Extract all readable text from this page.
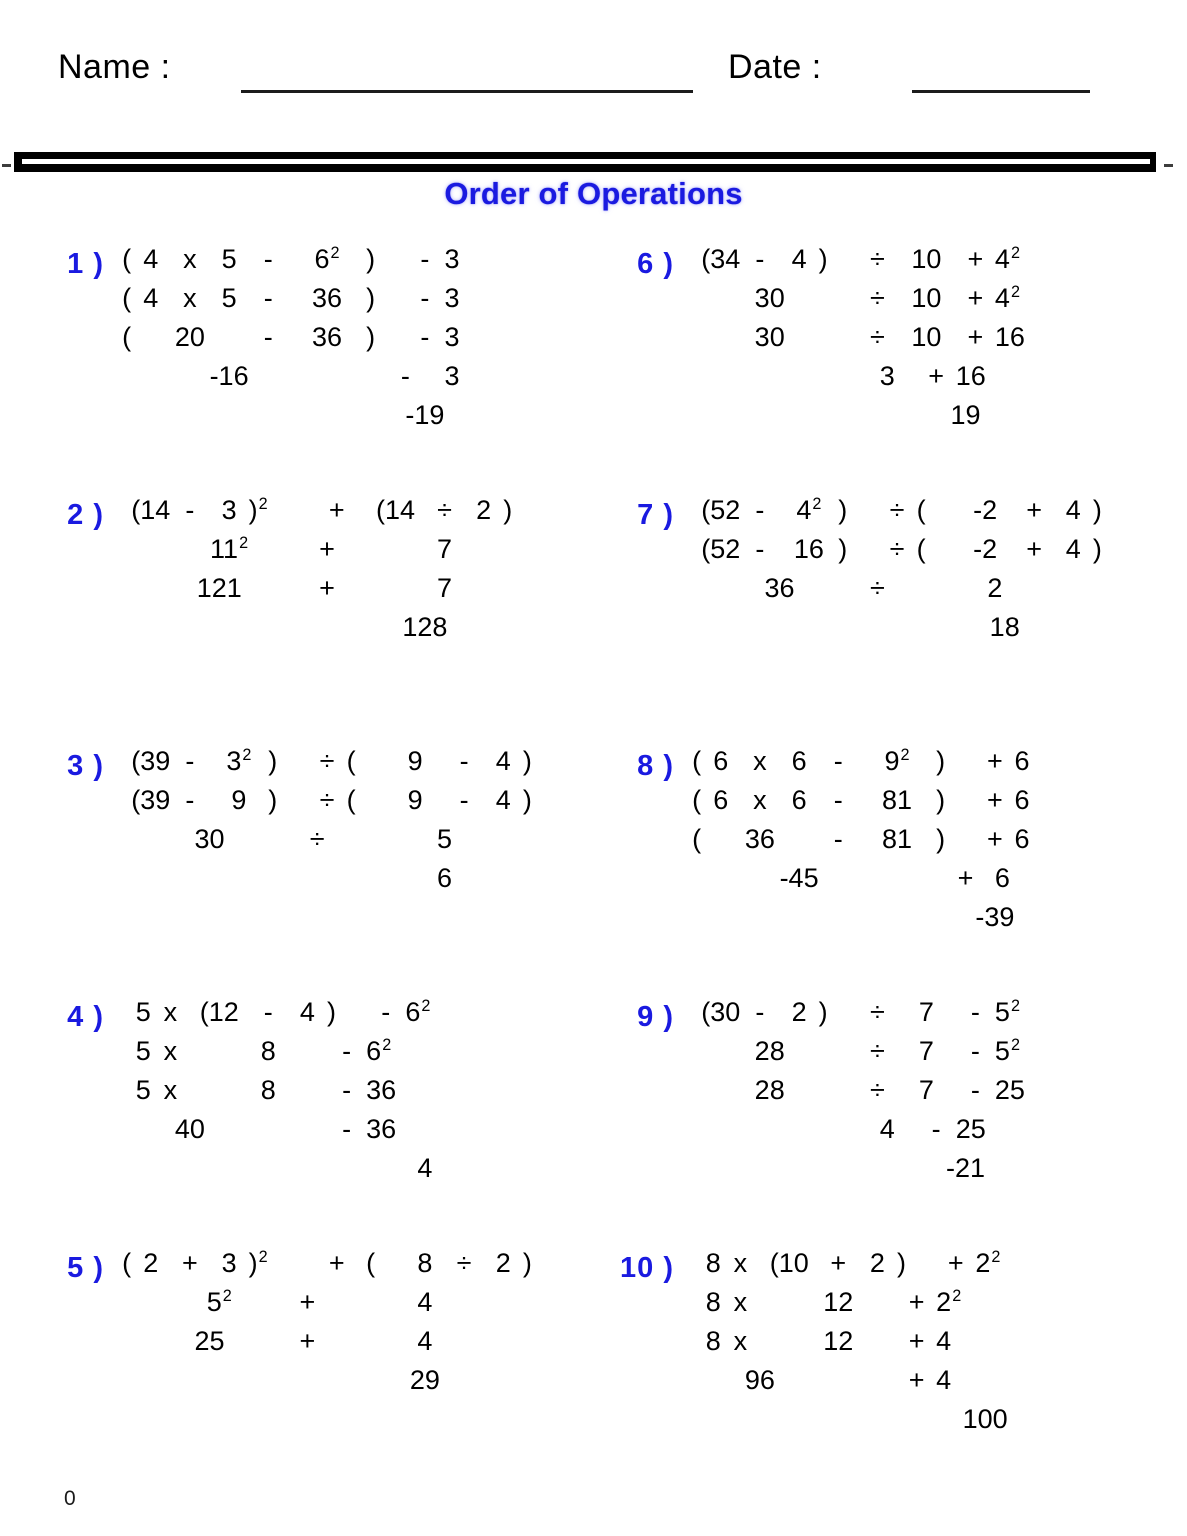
Name :	Date :

Order of Operations
1 ) ( 4 x 5	-	$6^2$ )	- 3
( 4 x 5	-	36 )	- 3
(	20	-	36 )	- 3
-16	-	3
-19
2 )	(14 -	3 )$^2$	+	(14 ÷ 2 )
$11^2$	+	7
121	+	7
128
3 )	(39 -	$3^2$ )	÷ (	9	-	4 )
(39 -	9 )	÷ (	9	-	4 )
30	÷	5
6
4 )	5 x (12 -	4 )	- $6^2$
5 x	8	- $6^2$
5 x	8	- 36
40	- 36
4
5 ) ( 2 + 3 )$^2$	+ (	8 ÷ 2 )
$5^2$	+	4
25	+	4
29
6 )	(34 -	4 )	÷ $10 + 4^2$
30	÷ $10 + 4^2$
30	÷ 10 + 16
3	+ 16
19
7 )	(52 -	$4^2$ )	÷ (	-2	+ 4 )
(52 -	16 )	÷ (	-2	+ 4 )
36	÷	2
18
8 ) ( 6 x 6	-	$9^2$ )	+ 6
( 6 x 6	-	81 )	+ 6
(	36	-	81 )	+ 6
-45	+ 6
-39
9 )	(30 -	2 )	÷	7	- $5^2$
28	÷	7	- $5^2$
28	÷	7	- 25
4	- 25
-21
10 )	8 x (10 + 2 )	+ $2^2$
8 x	12	+ $2^2$
8 x	12	+ 4
96	+ 4
100
0
